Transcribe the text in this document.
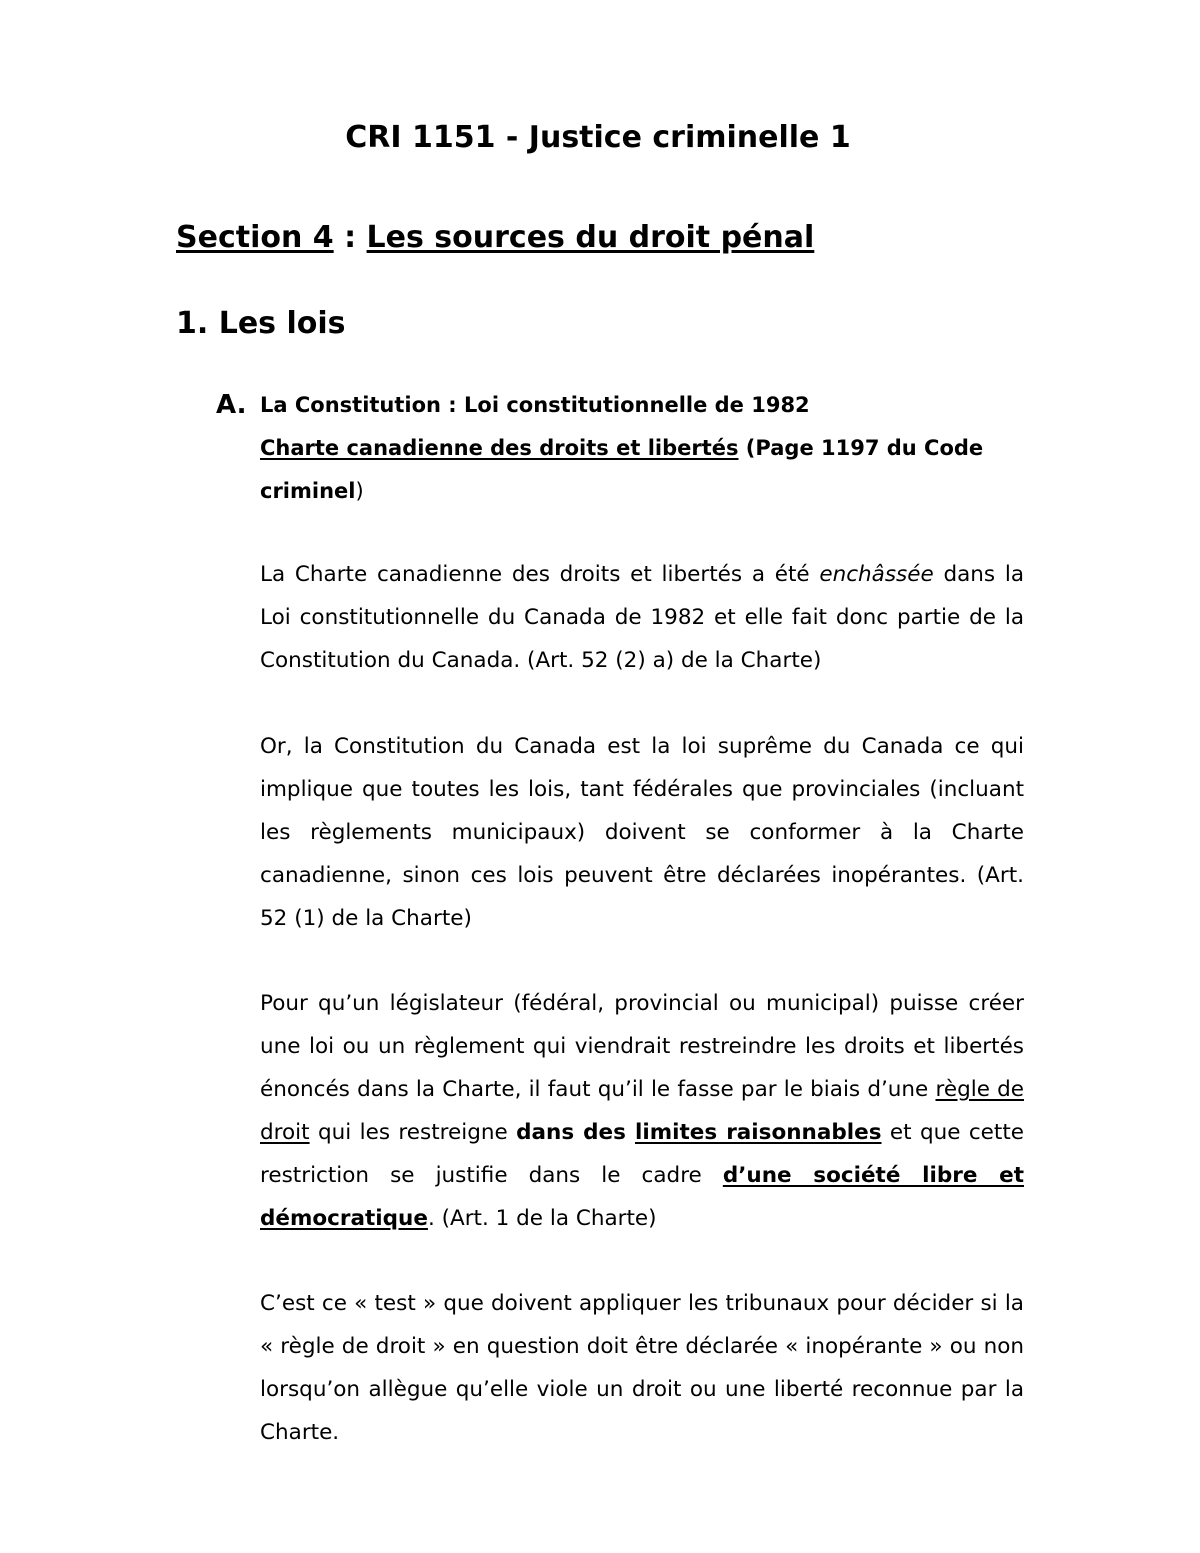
CRI 1151 - Justice criminelle 1
Section 4 : Les sources du droit pénal
1. Les lois
A. La Constitution : Loi constitutionnelle de 1982
Charte canadienne des droits et libertés (Page 1197 du Code criminel)

La Charte canadienne des droits et libertés a été enchâssée dans la Loi constitutionnelle du Canada de 1982 et elle fait donc partie de la Constitution du Canada. (Art. 52 (2) a) de la Charte)

Or, la Constitution du Canada est la loi suprême du Canada ce qui implique que toutes les lois, tant fédérales que provinciales (incluant les règlements municipaux) doivent se conformer à la Charte canadienne, sinon ces lois peuvent être déclarées inopérantes. (Art. 52 (1) de la Charte)

Pour qu’un législateur (fédéral, provincial ou municipal) puisse créer une loi ou un règlement qui viendrait restreindre les droits et libertés énoncés dans la Charte, il faut qu’il le fasse par le biais d’une règle de droit qui les restreigne dans des limites raisonnables et que cette restriction se justifie dans le cadre d’une société libre et démocratique. (Art. 1 de la Charte)

C’est ce « test » que doivent appliquer les tribunaux pour décider si la « règle de droit » en question doit être déclarée « inopérante » ou non lorsqu’on allègue qu’elle viole un droit ou une liberté reconnue par la Charte.
